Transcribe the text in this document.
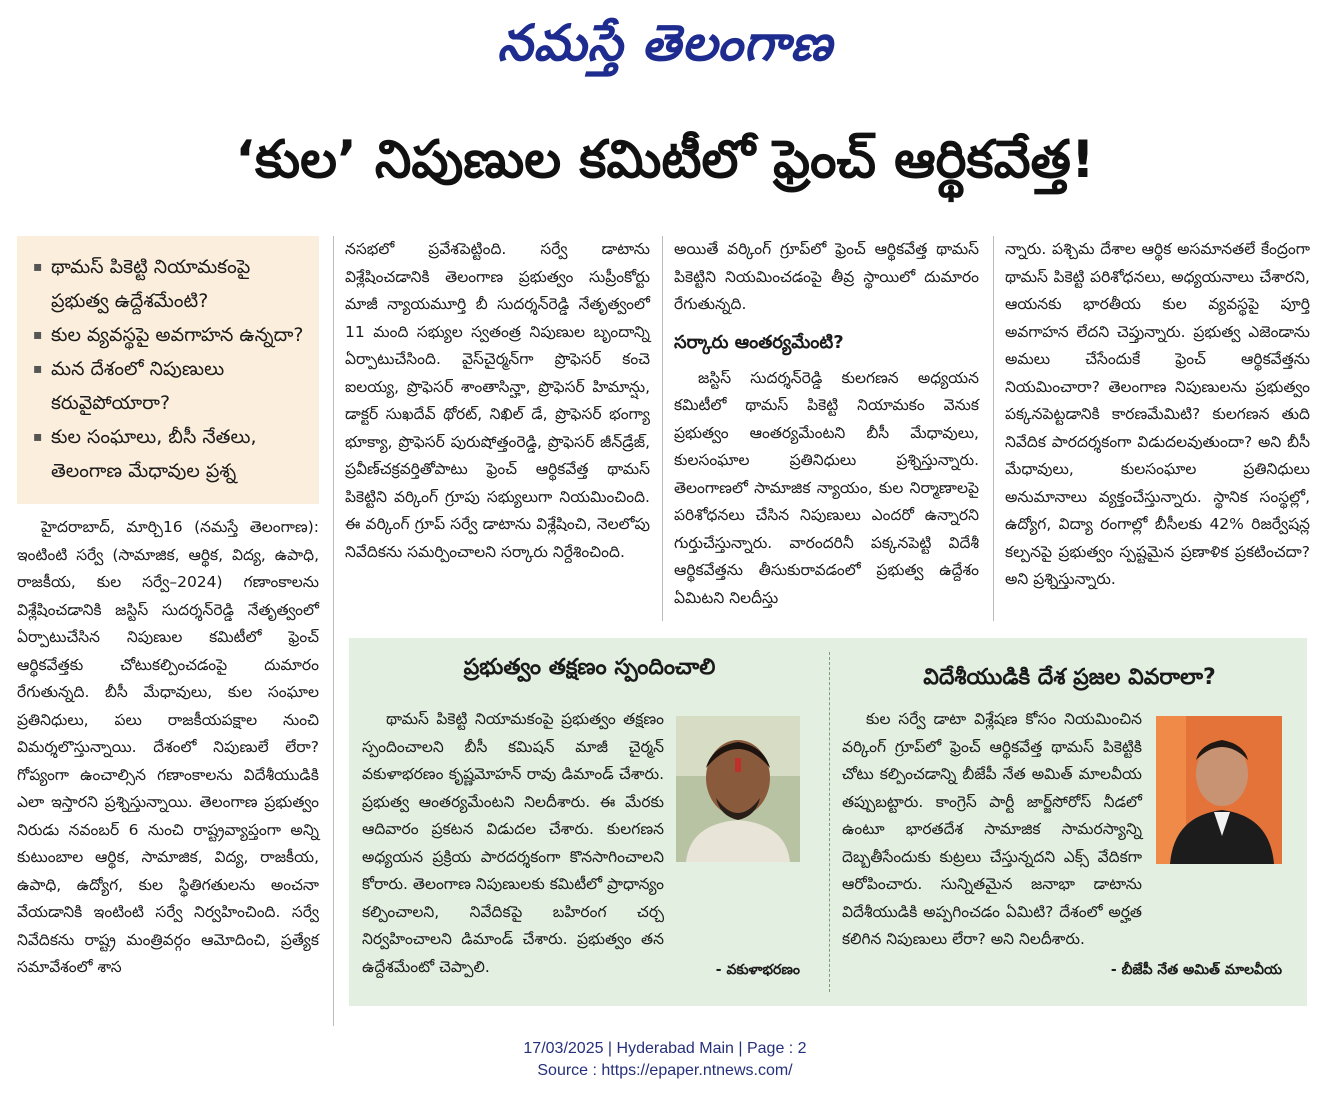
నమస్తే తెలంగాణ
‘కుల’ నిపుణుల కమిటీలో ఫ్రెంచ్ ఆర్థికవేత్త!
▪ థామస్ పికెట్టి నియామకంపై ప్రభుత్వ ఉద్దేశమేంటి?
▪ కుల వ్యవస్థపై అవగాహన ఉన్నదా?
▪ మన దేశంలో నిపుణులు కరువైపోయారా?
▪ కుల సంఘాలు, బీసీ నేతలు, తెలంగాణ మేధావుల ప్రశ్న

హైదరాబాద్, మార్చి16 (నమస్తే తెలంగాణ): ఇంటింటి సర్వే (సామాజిక, ఆర్థిక, విద్య, ఉపాధి, రాజకీయ, కుల సర్వే–2024) గణాంకాలను విశ్లేషించడానికి జస్టిస్ సుదర్శన్‌రెడ్డి నేతృత్వంలో ఏర్పాటుచేసిన నిపుణుల కమిటీలో ఫ్రెంచ్ ఆర్థికవేత్తకు చోటుకల్పించడంపై దుమారం రేగుతున్నది. బీసీ మేధావులు, కుల సంఘాల ప్రతినిధులు, పలు రాజకీయపక్షాల నుంచి విమర్శలొస్తున్నాయి. దేశంలో నిపుణులే లేరా? గోప్యంగా ఉంచాల్సిన గణాంకాలను విదేశీయుడికి ఎలా ఇస్తారని ప్రశ్నిస్తున్నాయి. తెలంగాణ ప్రభుత్వం నిరుడు నవంబర్ 6 నుంచి రాష్ట్రవ్యాప్తంగా అన్ని కుటుంబాల ఆర్థిక, సామాజిక, విద్య, రాజకీయ, ఉపాధి, ఉద్యోగ, కుల స్థితిగతులను అంచనా వేయడానికి ఇంటింటి సర్వే నిర్వహించింది. సర్వే నివేదికను రాష్ట్ర మంత్రివర్గం ఆమోదించి, ప్రత్యేక సమావేశంలో శాస

నసభలో ప్రవేశపెట్టింది. సర్వే డాటాను విశ్లేషించడానికి తెలంగాణ ప్రభుత్వం సుప్రీంకోర్టు మాజీ న్యాయమూర్తి బీ సుదర్శన్‌రెడ్డి నేతృత్వంలో 11 మంది సభ్యుల స్వతంత్ర నిపుణుల బృందాన్ని ఏర్పాటుచేసింది. వైస్‌చైర్మన్‌గా ప్రొఫెసర్ కంచె ఐలయ్య, ప్రొఫెసర్ శాంతాసిన్హా, ప్రొఫెసర్ హిమాన్షు, డాక్టర్ సుఖదేవ్ థోరట్, నిఖిల్ డే, ప్రొఫెసర్ భంగ్యా భూక్యా, ప్రొఫెసర్ పురుషోత్తంరెడ్డి, ప్రొఫెసర్ జీన్‌డ్రేజ్, ప్రవీణ్‌చక్రవర్తితోపాటు ఫ్రెంచ్ ఆర్థికవేత్త థామస్ పికెట్టిని వర్కింగ్ గ్రూపు సభ్యులుగా నియమించింది. ఈ వర్కింగ్ గ్రూప్ సర్వే డాటాను విశ్లేషించి, నెలలోపు నివేదికను సమర్పించాలని సర్కారు నిర్దేశించింది.

అయితే వర్కింగ్ గ్రూప్‌లో ఫ్రెంచ్ ఆర్థికవేత్త థామస్ పికెట్టిని నియమించడంపై తీవ్ర స్థాయిలో దుమారం రేగుతున్నది.

సర్కారు ఆంతర్యమేంటి?

జస్టిస్ సుదర్శన్‌రెడ్డి కులగణన అధ్యయన కమిటీలో థామస్ పికెట్టి నియామకం వెనుక ప్రభుత్వం ఆంతర్యమేంటని బీసీ మేధావులు, కులసంఘాల ప్రతినిధులు ప్రశ్నిస్తున్నారు. తెలంగాణలో సామాజిక న్యాయం, కుల నిర్మాణాలపై పరిశోధనలు చేసిన నిపుణులు ఎందరో ఉన్నారని గుర్తుచేస్తున్నారు. వారందరినీ పక్కనపెట్టి విదేశీ ఆర్థికవేత్తను తీసుకురావడంలో ప్రభుత్వ ఉద్దేశం ఏమిటని నిలదీస్తు

న్నారు. పశ్చిమ దేశాల ఆర్థిక అసమానతలే కేంద్రంగా థామస్ పికెట్టి పరిశోధనలు, అధ్యయనాలు చేశారని, ఆయనకు భారతీయ కుల వ్యవస్థపై పూర్తి అవగాహన లేదని చెప్తున్నారు. ప్రభుత్వ ఎజెండాను అమలు చేసేందుకే ఫ్రెంచ్ ఆర్థికవేత్తను నియమించారా? తెలంగాణ నిపుణులను ప్రభుత్వం పక్కనపెట్టడానికి కారణమేమిటి? కులగణన తుది నివేదిక పారదర్శకంగా విడుదలవుతుందా? అని బీసీ మేధావులు, కులసంఘాల ప్రతినిధులు అనుమానాలు వ్యక్తంచేస్తున్నారు. స్థానిక సంస్థల్లో, ఉద్యోగ, విద్యా రంగాల్లో బీసీలకు 42% రిజర్వేషన్ల కల్పనపై ప్రభుత్వం స్పష్టమైన ప్రణాళిక ప్రకటించదా? అని ప్రశ్నిస్తున్నారు.

ప్రభుత్వం తక్షణం స్పందించాలి

థామస్ పికెట్టి నియామకంపై ప్రభుత్వం తక్షణం స్పందించాలని బీసీ కమిషన్ మాజీ చైర్మన్ వకుళాభరణం కృష్ణమోహన్ రావు డిమాండ్ చేశారు. ప్రభుత్వ ఆంతర్యమేంటని నిలదీశారు. ఈ మేరకు ఆదివారం ప్రకటన విడుదల చేశారు. కులగణన అధ్యయన ప్రక్రియ పారదర్శకంగా కొనసాగించాలని కోరారు. తెలంగాణ నిపుణులకు కమిటీలో ప్రాధాన్యం కల్పించాలని, నివేదికపై బహిరంగ చర్చ నిర్వహించాలని డిమాండ్ చేశారు. ప్రభుత్వం తన ఉద్దేశమేంటో చెప్పాలి.	- వకుళాభరణం
విదేశీయుడికి దేశ ప్రజల వివరాలా?

కుల సర్వే డాటా విశ్లేషణ కోసం నియమించిన వర్కింగ్ గ్రూప్‌లో ఫ్రెంచ్ ఆర్థికవేత్త థామస్ పికెట్టికి చోటు కల్పించడాన్ని బీజేపీ నేత అమిత్ మాలవీయ తప్పుబట్టారు. కాంగ్రెస్ పార్టీ జార్జ్‌సోరోస్ నీడలో ఉంటూ భారతదేశ సామాజిక సామరస్యాన్ని దెబ్బతీసేందుకు కుట్రలు చేస్తున్నదని ఎక్స్ వేదికగా ఆరోపించారు. సున్నితమైన జనాభా డాటాను విదేశీయుడికి అప్పగించడం ఏమిటి? దేశంలో అర్హత కలిగిన నిపుణులు లేరా? అని నిలదీశారు.

- బీజేపీ నేత అమిత్ మాలవీయ
17/03/2025 | Hyderabad Main | Page : 2
Source : https://epaper.ntnews.com/
